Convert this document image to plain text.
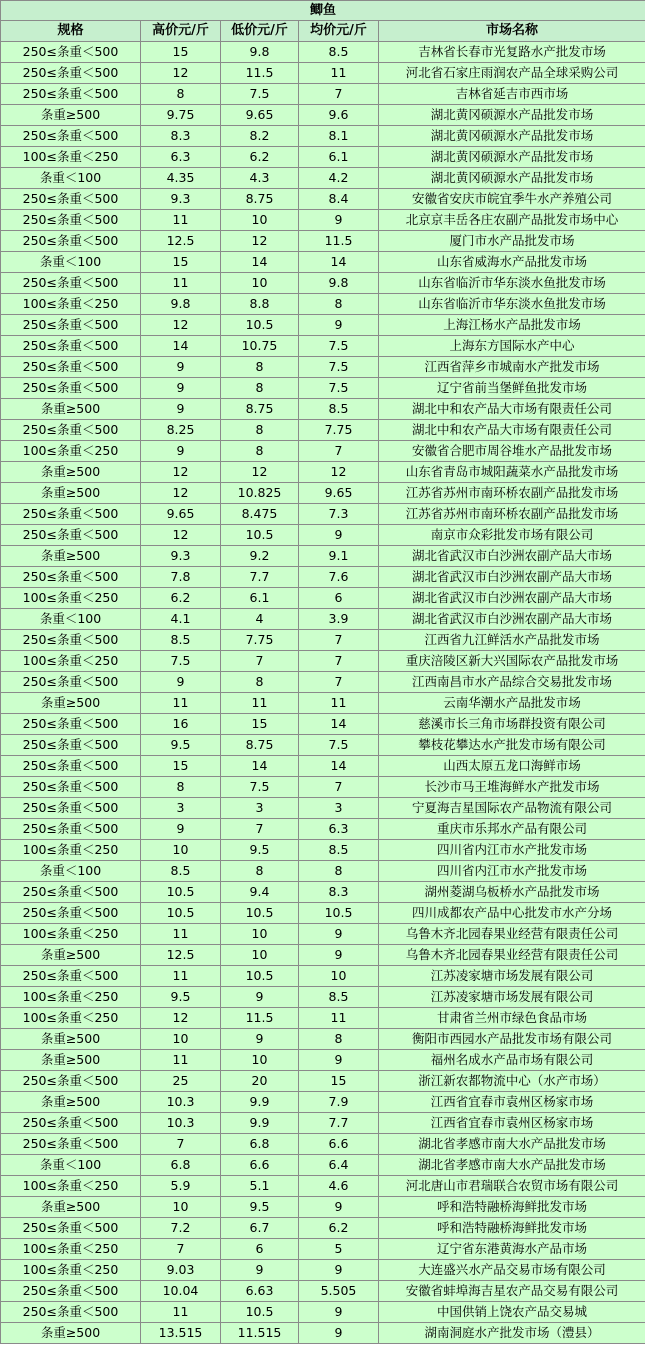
鲫鱼				
规格	高价元/斤	低价元/斤	均价元/斤	市场名称
250≤条重＜500	15	9.8	8.5	吉林省长春市光复路水产批发市场
250≤条重＜500	12	11.5	11	河北省石家庄雨润农产品全球采购公司
250≤条重＜500	8	7.5	7	吉林省延吉市西市场
条重≥500	9.75	9.65	9.6	湖北黄冈硕源水产品批发市场
250≤条重＜500	8.3	8.2	8.1	湖北黄冈硕源水产品批发市场
100≤条重＜250	6.3	6.2	6.1	湖北黄冈硕源水产品批发市场
条重＜100	4.35	4.3	4.2	湖北黄冈硕源水产品批发市场
250≤条重＜500	9.3	8.75	8.4	安徽省安庆市皖宜季牛水产养殖公司
250≤条重＜500	11	10	9	北京京丰岳各庄农副产品批发市场中心
250≤条重＜500	12.5	12	11.5	厦门市水产品批发市场
条重＜100	15	14	14	山东省威海水产品批发市场
250≤条重＜500	11	10	9.8	山东省临沂市华东淡水鱼批发市场
100≤条重＜250	9.8	8.8	8	山东省临沂市华东淡水鱼批发市场
250≤条重＜500	12	10.5	9	上海江杨水产品批发市场
250≤条重＜500	14	10.75	7.5	上海东方国际水产中心
250≤条重＜500	9	8	7.5	江西省萍乡市城南水产批发市场
250≤条重＜500	9	8	7.5	辽宁省前当堡鲜鱼批发市场
条重≥500	9	8.75	8.5	湖北中和农产品大市场有限责任公司
250≤条重＜500	8.25	8	7.75	湖北中和农产品大市场有限责任公司
100≤条重＜250	9	8	7	安徽省合肥市周谷堆水产品批发市场
条重≥500	12	12	12	山东省青岛市城阳蔬菜水产品批发市场
条重≥500	12	10.825	9.65	江苏省苏州市南环桥农副产品批发市场
250≤条重＜500	9.65	8.475	7.3	江苏省苏州市南环桥农副产品批发市场
250≤条重＜500	12	10.5	9	南京市众彩批发市场有限公司
条重≥500	9.3	9.2	9.1	湖北省武汉市白沙洲农副产品大市场
250≤条重＜500	7.8	7.7	7.6	湖北省武汉市白沙洲农副产品大市场
100≤条重＜250	6.2	6.1	6	湖北省武汉市白沙洲农副产品大市场
条重＜100	4.1	4	3.9	湖北省武汉市白沙洲农副产品大市场
250≤条重＜500	8.5	7.75	7	江西省九江鲜活水产品批发市场
100≤条重＜250	7.5	7	7	重庆涪陵区新大兴国际农产品批发市场
250≤条重＜500	9	8	7	江西南昌市水产品综合交易批发市场
条重≥500	11	11	11	云南华潮水产品批发市场
250≤条重＜500	16	15	14	慈溪市长三角市场群投资有限公司
250≤条重＜500	9.5	8.75	7.5	攀枝花攀达水产批发市场有限公司
250≤条重＜500	15	14	14	山西太原五龙口海鲜市场
250≤条重＜500	8	7.5	7	长沙市马王堆海鲜水产批发市场
250≤条重＜500	3	3	3	宁夏海吉星国际农产品物流有限公司
250≤条重＜500	9	7	6.3	重庆市乐邦水产品有限公司
100≤条重＜250	10	9.5	8.5	四川省内江市水产批发市场
条重＜100	8.5	8	8	四川省内江市水产批发市场
250≤条重＜500	10.5	9.4	8.3	湖州菱湖乌板桥水产品批发市场
250≤条重＜500	10.5	10.5	10.5	四川成都农产品中心批发市水产分场
100≤条重＜250	11	10	9	乌鲁木齐北园春果业经营有限责任公司
条重≥500	12.5	10	9	乌鲁木齐北园春果业经营有限责任公司
250≤条重＜500	11	10.5	10	江苏凌家塘市场发展有限公司
100≤条重＜250	9.5	9	8.5	江苏凌家塘市场发展有限公司
100≤条重＜250	12	11.5	11	甘肃省兰州市绿色食品市场
条重≥500	10	9	8	衡阳市西园水产品批发市场有限公司
条重≥500	11	10	9	福州名成水产品市场有限公司
250≤条重＜500	25	20	15	浙江新农都物流中心（水产市场）
条重≥500	10.3	9.9	7.9	江西省宜春市袁州区杨家市场
250≤条重＜500	10.3	9.9	7.7	江西省宜春市袁州区杨家市场
250≤条重＜500	7	6.8	6.6	湖北省孝感市南大水产品批发市场
条重＜100	6.8	6.6	6.4	湖北省孝感市南大水产品批发市场
100≤条重＜250	5.9	5.1	4.6	河北唐山市君瑞联合农贸市场有限公司
条重≥500	10	9.5	9	呼和浩特融桥海鲜批发市场
250≤条重＜500	7.2	6.7	6.2	呼和浩特融桥海鲜批发市场
100≤条重＜250	7	6	5	辽宁省东港黄海水产品市场
100≤条重＜250	9.03	9	9	大连盛兴水产品交易市场有限公司
250≤条重＜500	10.04	6.63	5.505	安徽省蚌埠海吉星农产品交易有限公司
250≤条重＜500	11	10.5	9	中国供销上饶农产品交易城
条重≥500	13.515	11.515	9	湖南洞庭水产批发市场（澧县）
